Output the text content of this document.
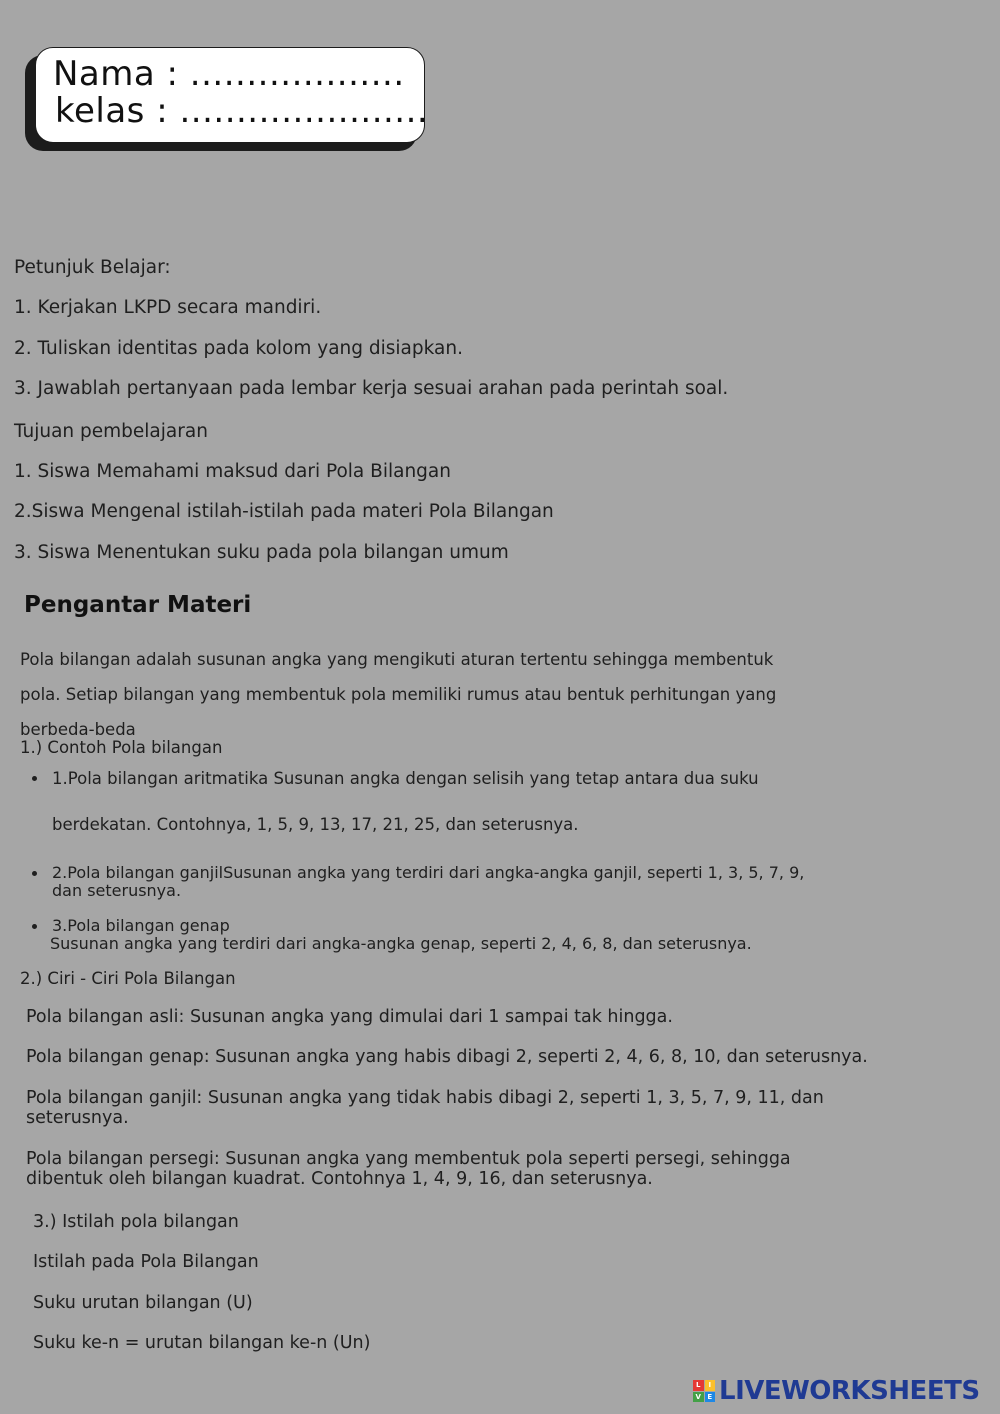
Nama : ...................
kelas : ......................
Petunjuk Belajar:
1. Kerjakan LKPD secara mandiri.
2. Tuliskan identitas pada kolom yang disiapkan.
3. Jawablah pertanyaan pada lembar kerja sesuai arahan pada perintah soal.
Tujuan pembelajaran
1. Siswa Memahami maksud dari Pola Bilangan
2.Siswa Mengenal istilah-istilah pada materi Pola Bilangan
3. Siswa Menentukan suku pada pola bilangan umum
Pengantar Materi
Pola bilangan adalah susunan angka yang mengikuti aturan tertentu sehingga membentuk
pola. Setiap bilangan yang membentuk pola memiliki rumus atau bentuk perhitungan yang
berbeda-beda
1.) Contoh Pola bilangan
1.Pola bilangan aritmatika Susunan angka dengan selisih yang tetap antara dua suku
berdekatan. Contohnya, 1, 5, 9, 13, 17, 21, 25, dan seterusnya.
2.Pola bilangan ganjilSusunan angka yang terdiri dari angka-angka ganjil, seperti 1, 3, 5, 7, 9,
dan seterusnya.
3.Pola bilangan genap
Susunan angka yang terdiri dari angka-angka genap, seperti 2, 4, 6, 8, dan seterusnya.
2.) Ciri - Ciri Pola Bilangan
Pola bilangan asli: Susunan angka yang dimulai dari 1 sampai tak hingga.
Pola bilangan genap: Susunan angka yang habis dibagi 2, seperti 2, 4, 6, 8, 10, dan seterusnya.
Pola bilangan ganjil: Susunan angka yang tidak habis dibagi 2, seperti 1, 3, 5, 7, 9, 11, dan
seterusnya.
Pola bilangan persegi: Susunan angka yang membentuk pola seperti persegi, sehingga
dibentuk oleh bilangan kuadrat. Contohnya 1, 4, 9, 16, dan seterusnya.
3.) Istilah pola bilangan
Istilah pada Pola Bilangan
Suku urutan bilangan (U)
Suku ke-n = urutan bilangan ke-n (Un)
L	I
V E LIVEWORKSHEETS
